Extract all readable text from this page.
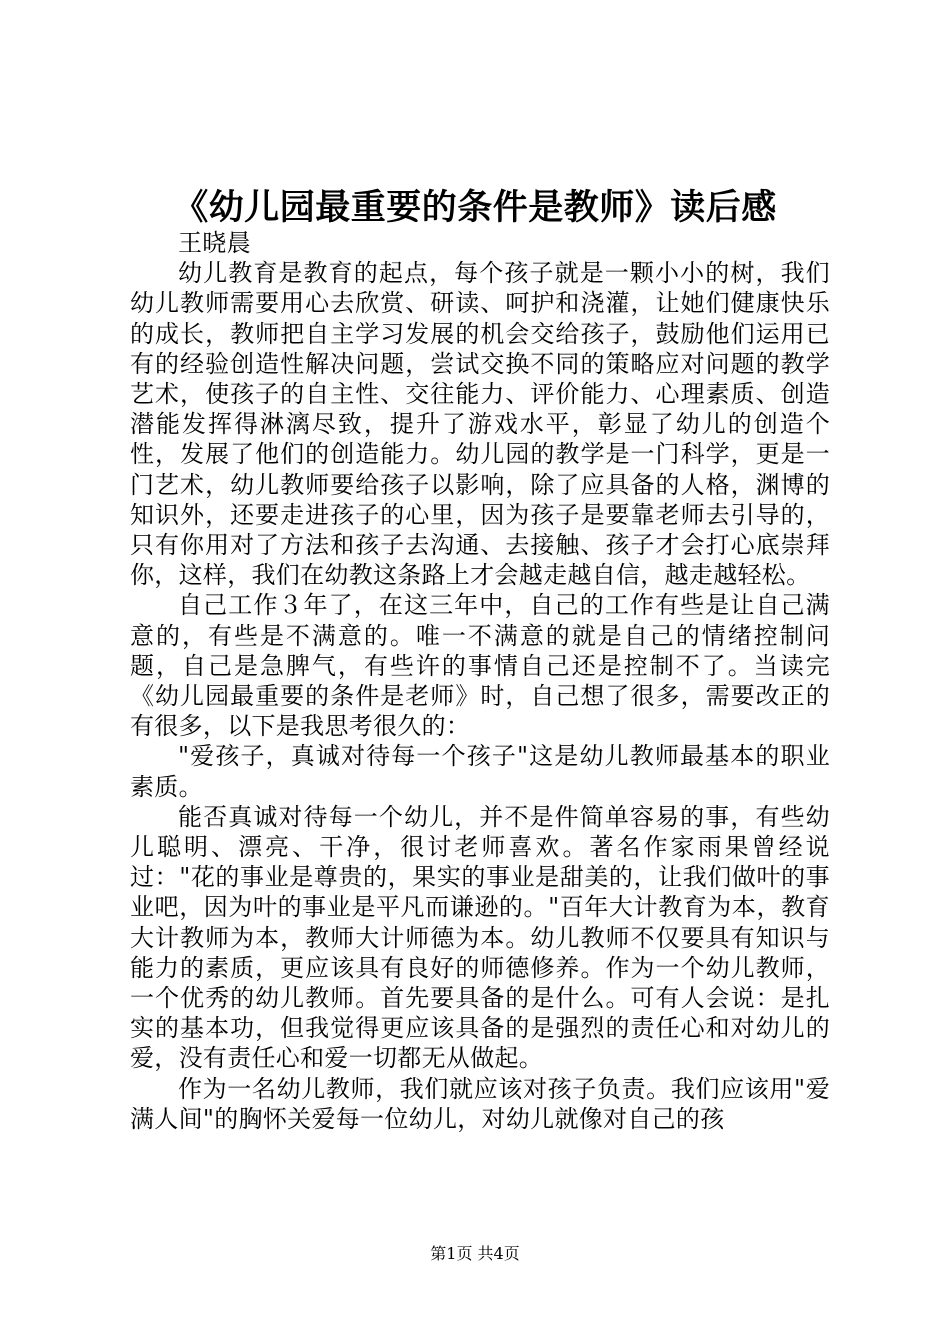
《幼儿园最重要的条件是教师》读后感

王晓晨

幼儿教育是教育的起点，每个孩子就是一颗小小的树，我们幼儿教师需要用心去欣赏、研读、呵护和浇灌，让她们健康快乐的成长，教师把自主学习发展的机会交给孩子，鼓励他们运用已有的经验创造性解决问题，尝试交换不同的策略应对问题的教学艺术，使孩子的自主性、交往能力、评价能力、心理素质、创造潜能发挥得淋漓尽致，提升了游戏水平，彰显了幼儿的创造个性，发展了他们的创造能力。幼儿园的教学是一门科学，更是一门艺术，幼儿教师要给孩子以影响，除了应具备的人格，渊博的知识外，还要走进孩子的心里，因为孩子是要靠老师去引导的，只有你用对了方法和孩子去沟通、去接触、孩子才会打心底崇拜你，这样，我们在幼教这条路上才会越走越自信，越走越轻松。

自己工作３年了，在这三年中，自己的工作有些是让自己满意的，有些是不满意的。唯一不满意的就是自己的情绪控制问题，自己是急脾气，有些许的事情自己还是控制不了。当读完《幼儿园最重要的条件是老师》时，自己想了很多，需要改正的有很多，以下是我思考很久的：

"爱孩子，真诚对待每一个孩子"这是幼儿教师最基本的职业素质。

能否真诚对待每一个幼儿，并不是件简单容易的事，有些幼儿聪明、漂亮、干净，很讨老师喜欢。著名作家雨果曾经说过："花的事业是尊贵的，果实的事业是甜美的，让我们做叶的事业吧，因为叶的事业是平凡而谦逊的。"百年大计教育为本，教育大计教师为本，教师大计师德为本。幼儿教师不仅要具有知识与能力的素质，更应该具有良好的师德修养。作为一个幼儿教师，一个优秀的幼儿教师。首先要具备的是什么。可有人会说：是扎实的基本功，但我觉得更应该具备的是强烈的责任心和对幼儿的爱，没有责任心和爱一切都无从做起。

作为一名幼儿教师，我们就应该对孩子负责。我们应该用"爱满人间"的胸怀关爱每一位幼儿，对幼儿就像对自己的孩

第1页 共4页
